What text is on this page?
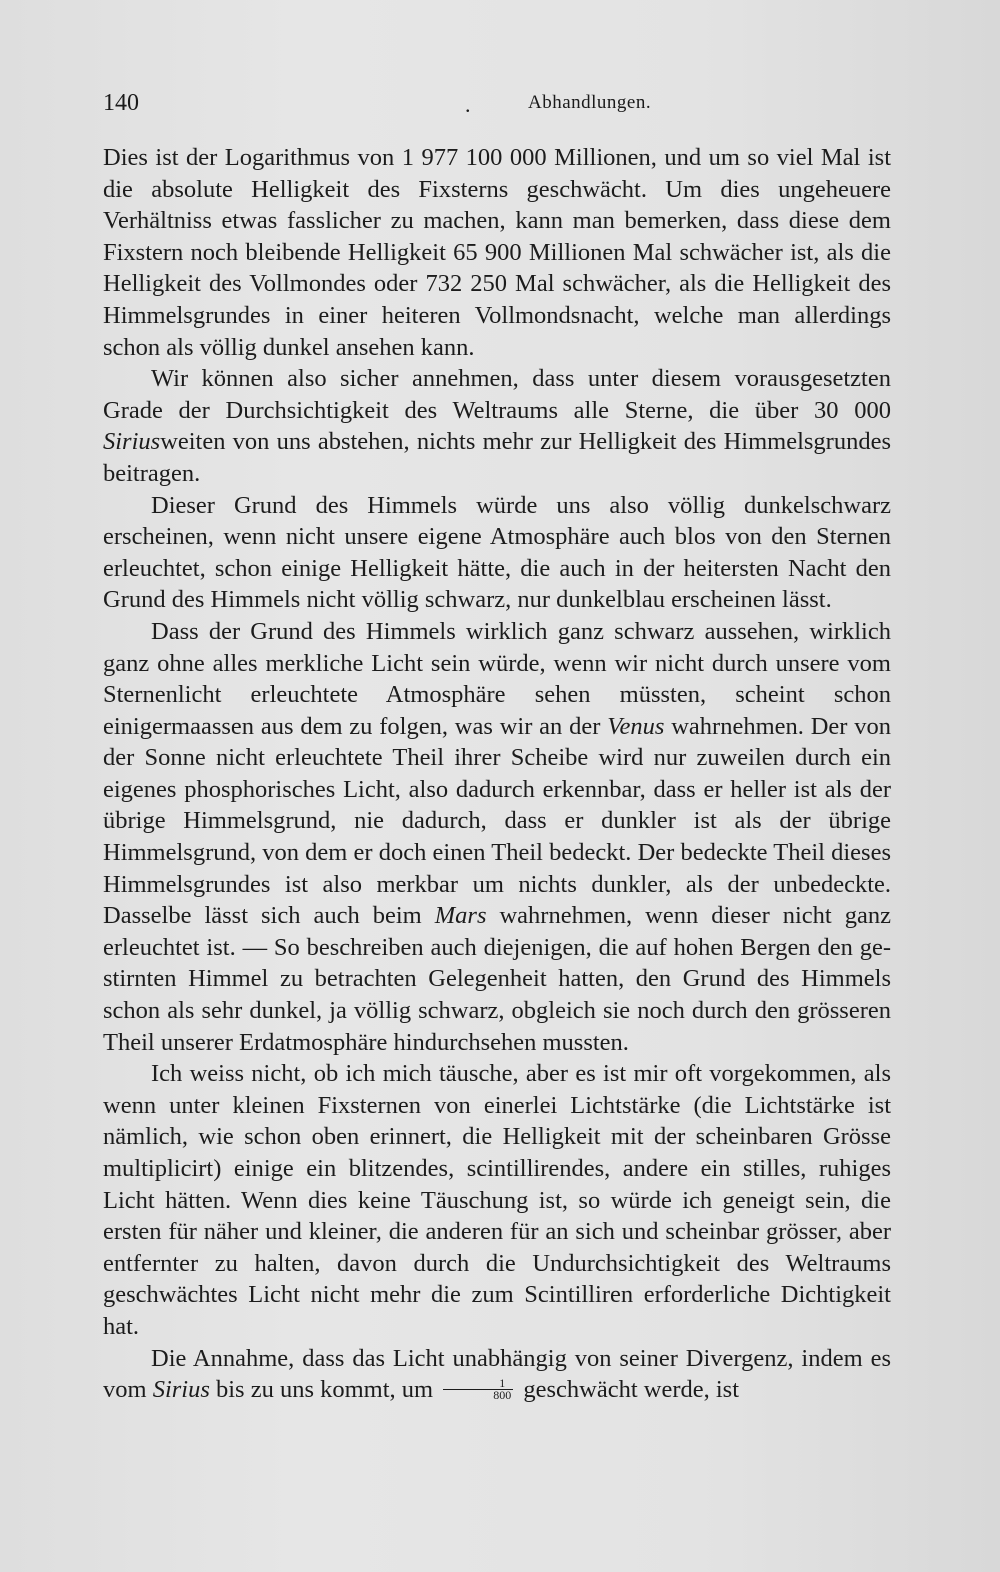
140	.	Abhandlungen.

Dies ist der Logarithmus von 1 977 100 000 Millionen, und um so viel Mal ist die absolute Helligkeit des Fixsterns geschwächt. Um dies ungeheuere Verhältniss etwas fasslicher zu machen, kann man bemerken, dass diese dem Fixstern noch bleibende Helligkeit 65 900 Millionen Mal schwächer ist, als die Helligkeit des Vollmondes oder 732 250 Mal schwächer, als die Helligkeit des Himmelsgrundes in einer heiteren Vollmondsnacht, welche man allerdings schon als völlig dunkel ansehen kann.

Wir können also sicher annehmen, dass unter diesem vorausgesetzten Grade der Durchsichtigkeit des Weltraums alle Sterne, die über 30 000 Siriusweiten von uns abstehen, nichts mehr zur Helligkeit des Himmelsgrundes beitragen.

Dieser Grund des Himmels würde uns also völlig dunkelschwarz erscheinen, wenn nicht unsere eigene Atmosphäre auch blos von den Sternen erleuchtet, schon einige Helligkeit hätte, die auch in der heitersten Nacht den Grund des Himmels nicht völlig schwarz, nur dunkelblau erscheinen lässt.

Dass der Grund des Himmels wirklich ganz schwarz aussehen, wirklich ganz ohne alles merkliche Licht sein würde, wenn wir nicht durch unsere vom Sternenlicht erleuchtete Atmosphäre sehen müssten, scheint schon einigermaassen aus dem zu folgen, was wir an der Venus wahrnehmen. Der von der Sonne nicht erleuchtete Theil ihrer Scheibe wird nur zuweilen durch ein eigenes phosphorisches Licht, also dadurch erkennbar, dass er heller ist als der übrige Himmelsgrund, nie dadurch, dass er dunkler ist als der übrige Himmelsgrund, von dem er doch einen Theil bedeckt. Der bedeckte Theil dieses Himmelsgrundes ist also merkbar um nichts dunkler, als der unbedeckte. Dasselbe lässt sich auch beim Mars wahrnehmen, wenn dieser nicht ganz erleuchtet ist. — So beschreiben auch diejenigen, die auf hohen Bergen den gestirnten Himmel zu betrachten Gelegenheit hatten, den Grund des Himmels schon als sehr dunkel, ja völlig schwarz, obgleich sie noch durch den grösseren Theil unserer Erdatmosphäre hindurchsehen mussten.

Ich weiss nicht, ob ich mich täusche, aber es ist mir oft vorgekommen, als wenn unter kleinen Fixsternen von einerlei Lichtstärke (die Lichtstärke ist nämlich, wie schon oben erinnert, die Helligkeit mit der scheinbaren Grösse multiplicirt) einige ein blitzendes, scintillirendes, andere ein stilles, ruhiges Licht hätten. Wenn dies keine Täuschung ist, so würde ich geneigt sein, die ersten für näher und kleiner, die anderen für an sich und scheinbar grösser, aber entfernter zu halten, davon durch die Undurchsichtigkeit des Weltraums geschwächtes Licht nicht mehr die zum Scintilliren erforderliche Dichtigkeit hat.

Die Annahme, dass das Licht unabhängig von seiner Divergenz, indem es vom Sirius bis zu uns kommt, um $\frac{1}{800}$ geschwächt werde, ist
